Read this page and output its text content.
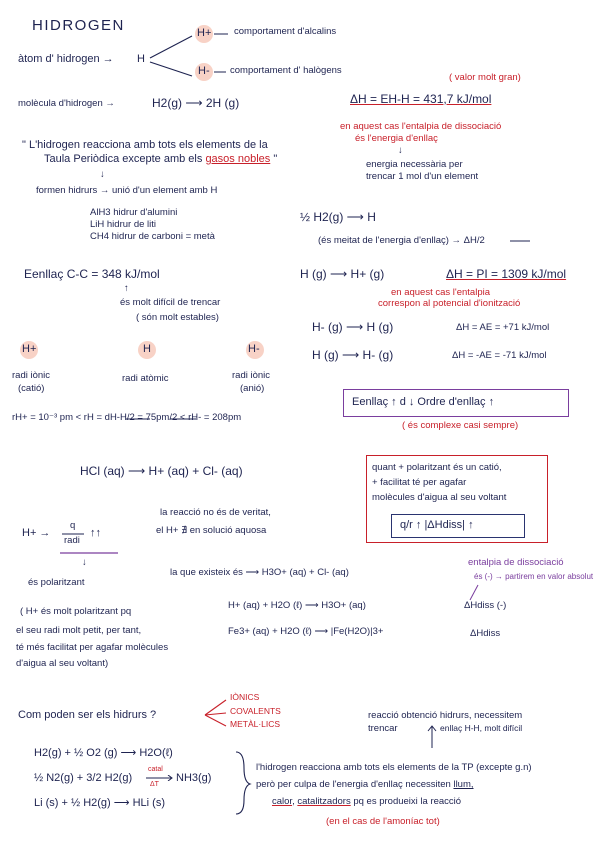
HIDROGEN
àtom d' hidrogen → H
H+ comportament d'alcalins
H- comportament d' halògens
molècula d'hidrogen →	H2(g) ⟶ 2H (g)
( valor molt gran)
ΔH = EH-H = 431,7 kJ/mol
en aquest cas l'entalpia de dissociació
és l'energia d'enllaç
↓
energia necessària per
trencar 1 mol d'un element
" L'hidrogen reacciona amb tots els elements de la
Taula Periòdica excepte amb els gasos nobles "
↓
formen hidrurs → unió d'un element amb H
AlH3 hidrur d'alumini
LiH hidrur de liti
CH4 hidrur de carboni = metà
½ H2(g) ⟶ H
(és meitat de l'energia d'enllaç) → ΔH/2
Eenllaç C-C = 348 kJ/mol
↑
és molt difícil de trencar
( són molt estables)
H (g) ⟶ H+ (g)	ΔH = PI = 1309 kJ/mol
en aquest cas l'entalpia
correspon al potencial d'ionització
H- (g) ⟶ H (g)	ΔH = AE = +71 kJ/mol
H (g) ⟶ H- (g)	ΔH = -AE = -71 kJ/mol
H+	H	H-
radi iònic
(catió)
radi atòmic	radi iònic
(anió)
rH+ = 10⁻³ pm < rH = dH-H/2 = 75pm/2 < rH- = 208pm
Eenllaç ↑ d ↓ Ordre d'enllaç ↑
( és complexe casi sempre)
HCl (aq) ⟶ H+ (aq) + Cl- (aq)
la reacció no és de veritat,
el H+ ∄ en solució aquosa
la que existeix és ⟶ H3O+ (aq) + Cl- (aq)
H+ →
q
radi
↑↑
↓
és polaritzant
( H+ és molt polaritzant pq
el seu radi molt petit, per tant,
té més facilitat per agafar molècules
d'aigua al seu voltant)
quant + polaritzant és un catió,
+ facilitat té per agafar
molècules d'aigua al seu voltant
q/r ↑ |ΔHdiss| ↑
entalpia de dissociació
és (-) → partirem en valor absolut
H+ (aq) + H2O (ℓ) ⟶ H3O+ (aq)	ΔHdiss (-)
Fe3+ (aq) + H2O (ℓ) ⟶ |Fe(H2O)|3+	ΔHdiss
Com poden ser els hidrurs ?
IÒNICS
COVALENTS
METÀL·LICS
reacció obtenció hidrurs, necessitem
trencar	enllaç H-H, molt difícil
H2(g) + ½ O2 (g) ⟶ H2O(ℓ)
½ N2(g) + 3/2 H2(g)
catal
ΔT
NH3(g)
Li (s) + ½ H2(g) ⟶ HLi (s)
l'hidrogen reacciona amb tots els elements de la TP (excepte g.n)
però per culpa de l'energia d'enllaç necessiten llum,
calor, catalitzadors pq es produeixi la reacció
(en el cas de l'amoníac tot)
